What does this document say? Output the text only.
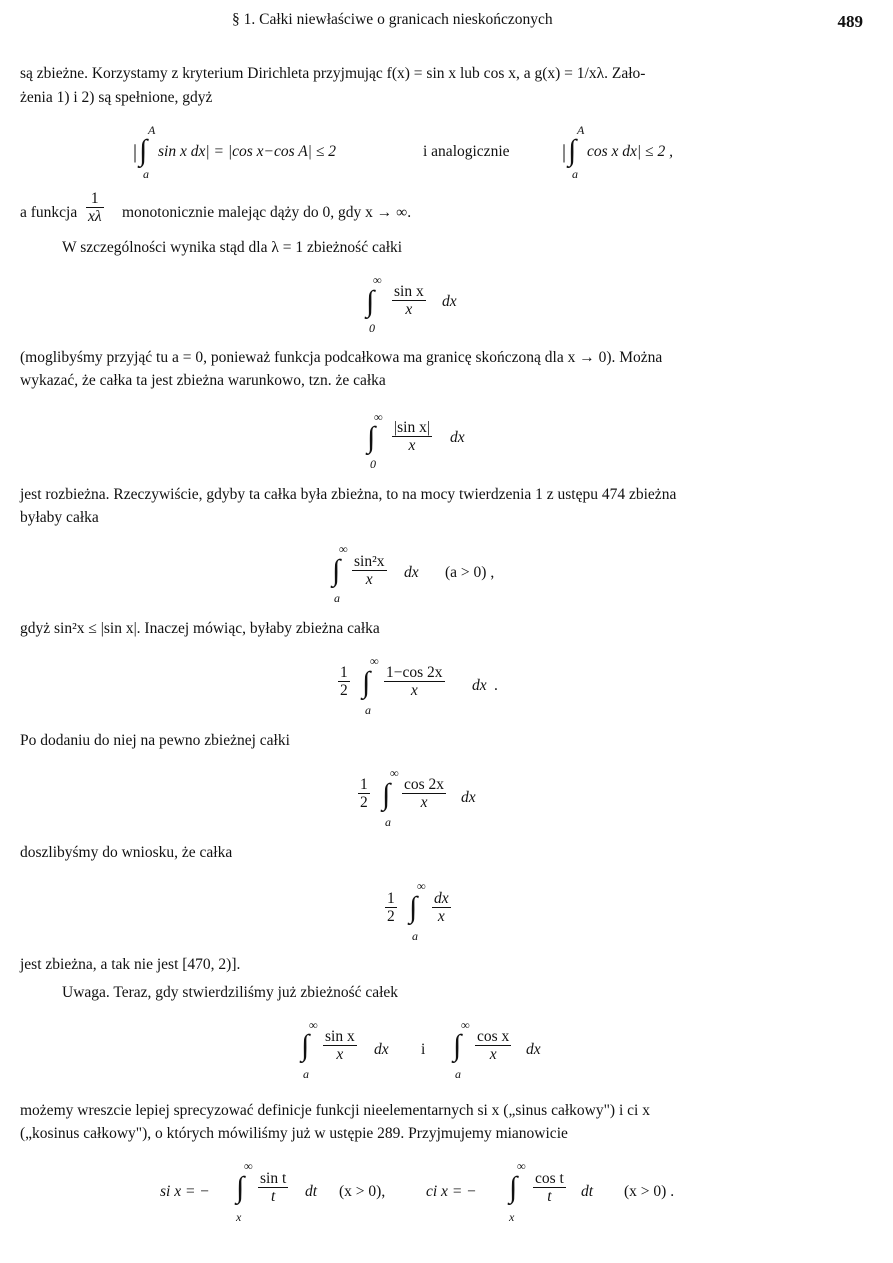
§ 1. Całki niewłaściwe o granicach nieskończonych	489
są zbieżne. Korzystamy z kryterium Dirichleta przyjmując f(x) = sin x lub cos x, a g(x) = 1/xλ. Zało-
żenia 1) i 2) są spełnione, gdyż
| ∫
A
a
sin x dx| = |cos x−cos A| ≤ 2	i analogicznie	| ∫
A
a
cos x dx| ≤ 2 ,
a funkcja $\frac{1}{x\lambda}$ monotonicznie malejąc dąży do 0, gdy x → ∞.
W szczególności wynika stąd dla λ = 1 zbieżność całki
∞
∫
0
$\frac{\text{sin x}}{x}$ dx
(moglibyśmy przyjąć tu a = 0, ponieważ funkcja podcałkowa ma granicę skończoną dla x → 0). Można
wykazać, że całka ta jest zbieżna warunkowo, tzn. że całka
∞
∫
0
$\frac{\text{|sin x|}}{x}$ dx
jest rozbieżna. Rzeczywiście, gdyby ta całka była zbieżna, to na mocy twierdzenia 1 z ustępu 474 zbieżna
byłaby całka
∞
∫
a
$\frac{\text{sin²x}}{x}$ dx (a > 0) ,
gdyż sin²x ≤ |sin x|. Inaczej mówiąc, byłaby zbieżna całka
$\frac{1}{2}$
∞
∫
a
$\frac{1-\cos 2x}{x}$ dx .
Po dodaniu do niej na pewno zbieżnej całki
$\frac{1}{2}$
∞
∫
a
$\frac{\cos 2x}{x}$ dx
doszlibyśmy do wniosku, że całka
$\frac{1}{2}$
∞
∫
a
$\frac{dx}{x}$
jest zbieżna, a tak nie jest [470, 2)].
Uwaga. Teraz, gdy stwierdziliśmy już zbieżność całek
∞
∫
a
$\frac{\text{sin x}}{x}$ dx i
∞
∫
a
$\frac{\text{cos x}}{x}$ dx
możemy wreszcie lepiej sprecyzować definicje funkcji nieelementarnych si x („sinus całkowy") i ci x
(„kosinus całkowy"), o których mówiliśmy już w ustępie 289. Przyjmujemy mianowicie
si x = −
∞
∫
x
$\frac{\text{sin t}}{t}$ dt (x > 0),	ci x = −
∞
∫
x
$\frac{\text{cos t}}{t}$ dt (x > 0) .
